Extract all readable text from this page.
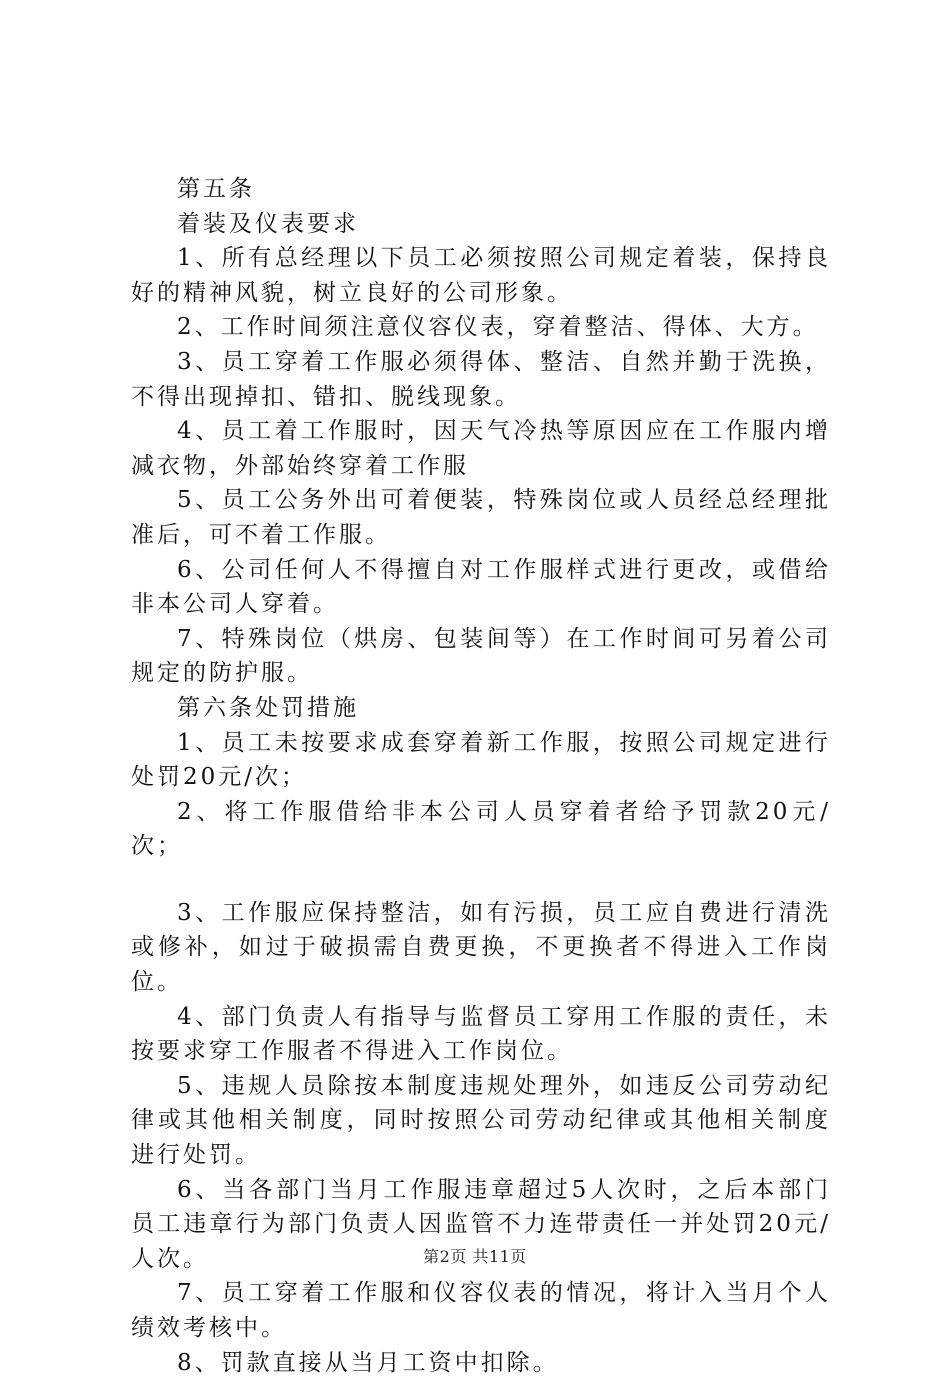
第五条

着装及仪表要求

1、所有总经理以下员工必须按照公司规定着装，保持良好的精神风貌，树立良好的公司形象。

2、工作时间须注意仪容仪表，穿着整洁、得体、大方。

3、员工穿着工作服必须得体、整洁、自然并勤于洗换，不得出现掉扣、错扣、脱线现象。

4、员工着工作服时，因天气冷热等原因应在工作服内增减衣物，外部始终穿着工作服

5、员工公务外出可着便装，特殊岗位或人员经总经理批准后，可不着工作服。

6、公司任何人不得擅自对工作服样式进行更改，或借给非本公司人穿着。

7、特殊岗位（烘房、包装间等）在工作时间可另着公司规定的防护服。

第六条处罚措施

1、员工未按要求成套穿着新工作服，按照公司规定进行处罚20元/次；

2、将工作服借给非本公司人员穿着者给予罚款20元/次；

3、工作服应保持整洁，如有污损，员工应自费进行清洗或修补，如过于破损需自费更换，不更换者不得进入工作岗位。

4、部门负责人有指导与监督员工穿用工作服的责任，未按要求穿工作服者不得进入工作岗位。

5、违规人员除按本制度违规处理外，如违反公司劳动纪律或其他相关制度，同时按照公司劳动纪律或其他相关制度进行处罚。

6、当各部门当月工作服违章超过5人次时，之后本部门员工违章行为部门负责人因监管不力连带责任一并处罚20元/人次。

7、员工穿着工作服和仪容仪表的情况，将计入当月个人绩效考核中。

8、罚款直接从当月工资中扣除。

第2页 共11页
